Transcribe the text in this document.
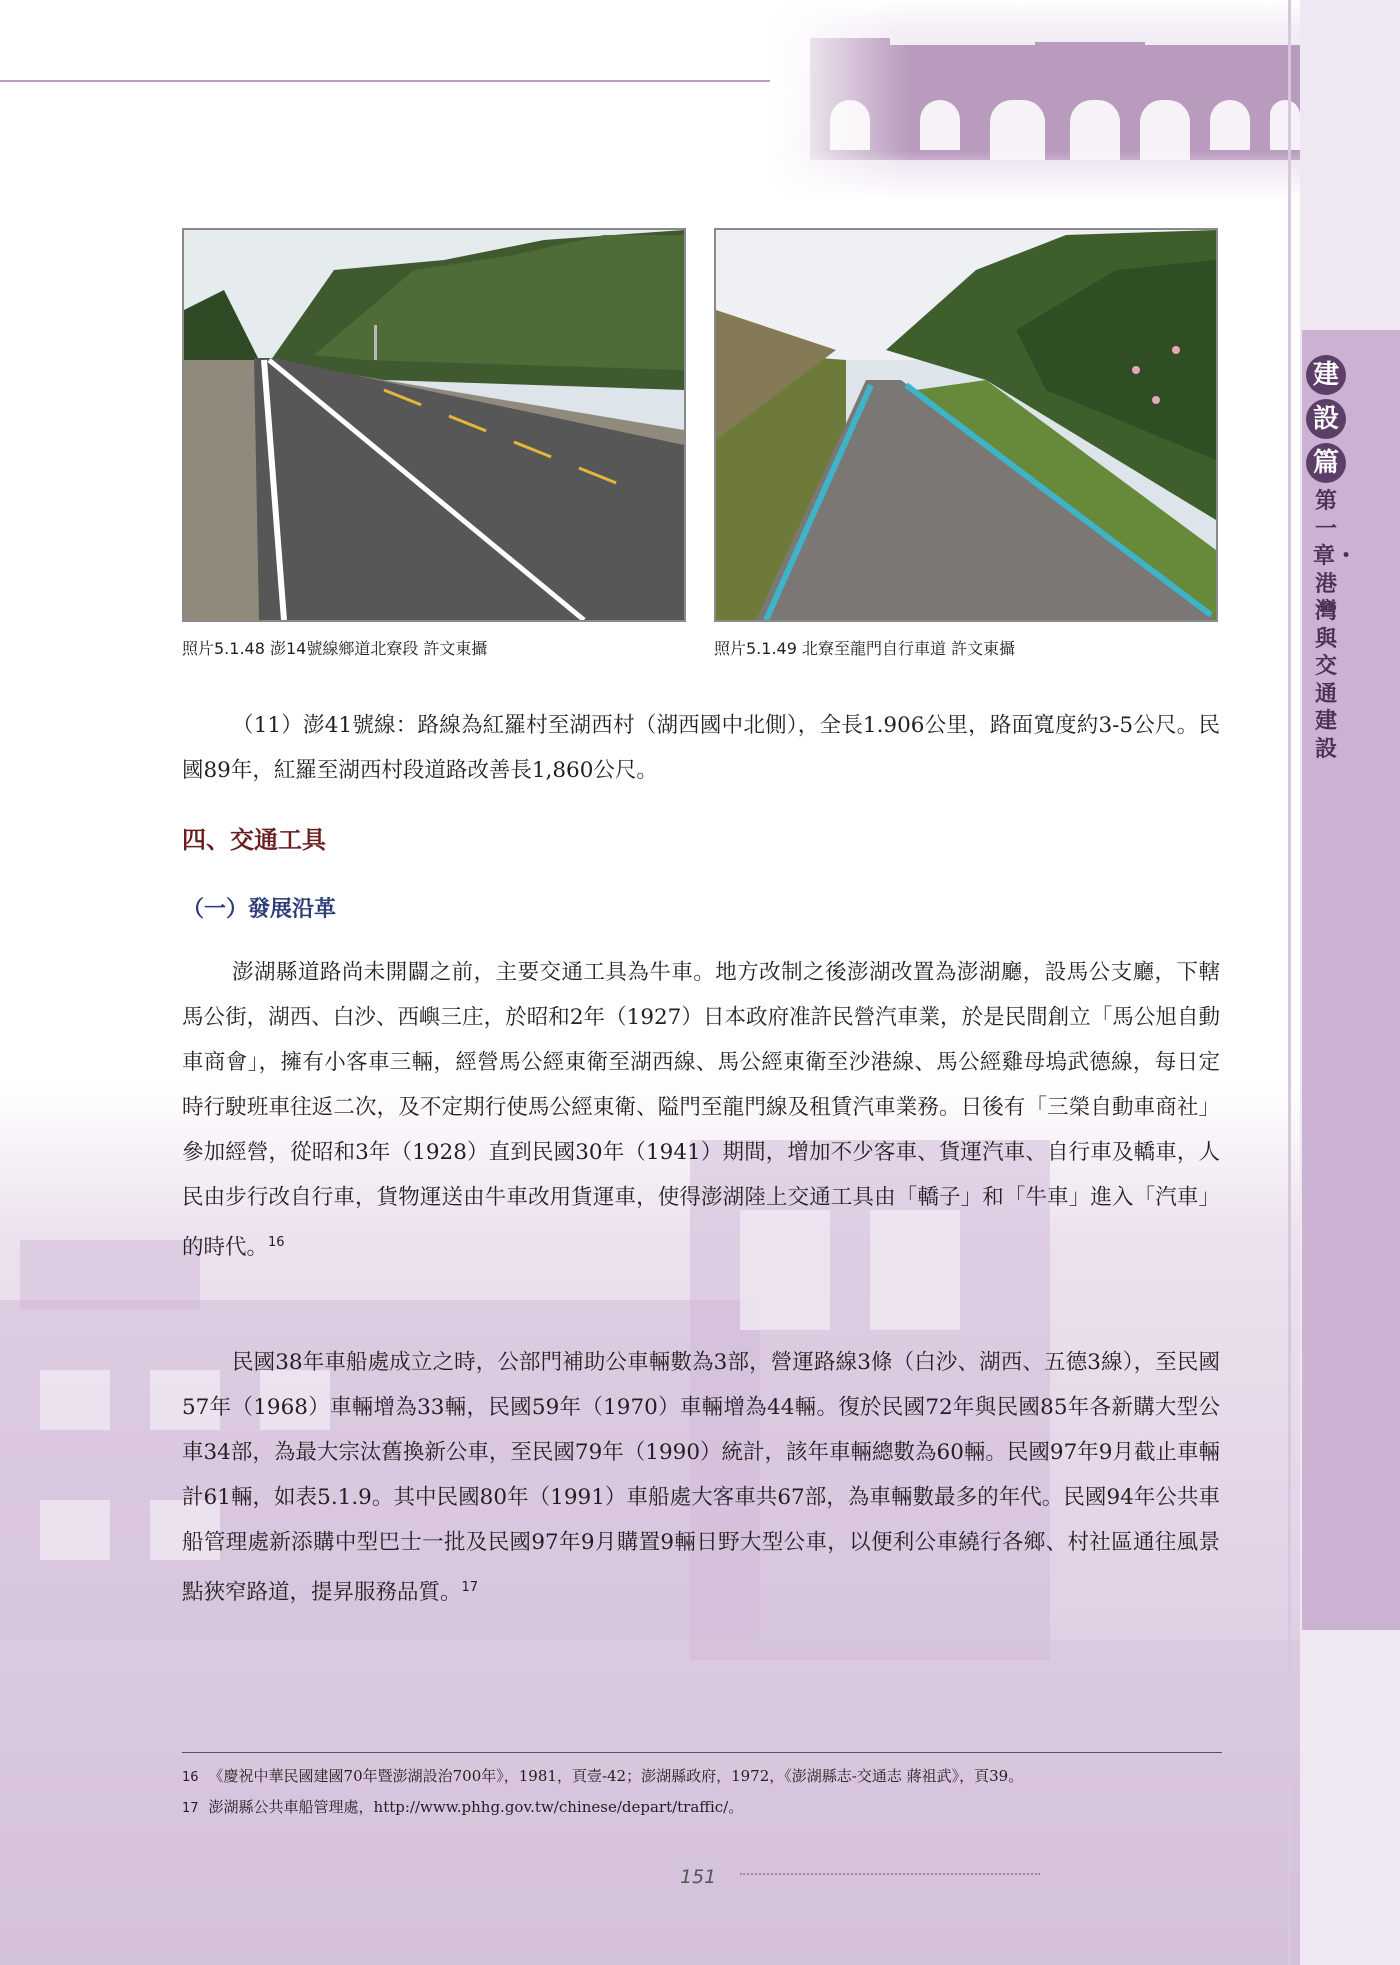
建
設
篇
第一章・港灣與交通建設
照片5.1.48 澎14號線鄉道北寮段 許文東攝	照片5.1.49 北寮至龍門自行車道 許文東攝

（11）澎41號線：路線為紅羅村至湖西村（湖西國中北側），全長1.906公里，路面寬度約3-5公尺。民國89年，紅羅至湖西村段道路改善長1,860公尺。

四、交通工具
（一）發展沿革

澎湖縣道路尚未開闢之前，主要交通工具為牛車。地方改制之後澎湖改置為澎湖廳，設馬公支廳，下轄馬公街，湖西、白沙、西嶼三庄，於昭和2年（1927）日本政府准許民營汽車業，於是民間創立「馬公旭自動車商會」，擁有小客車三輛，經營馬公經東衛至湖西線、馬公經東衛至沙港線、馬公經雞母塢武德線，每日定時行駛班車往返二次，及不定期行使馬公經東衛、隘門至龍門線及租賃汽車業務。日後有「三榮自動車商社」參加經營，從昭和3年（1928）直到民國30年（1941）期間，增加不少客車、貨運汽車、自行車及轎車，人民由步行改自行車，貨物運送由牛車改用貨運車，使得澎湖陸上交通工具由「轎子」和「牛車」進入「汽車」的時代。$^{16}$

民國38年車船處成立之時，公部門補助公車輛數為3部，營運路線3條（白沙、湖西、五德3線），至民國57年（1968）車輛增為33輛，民國59年（1970）車輛增為44輛。復於民國72年與民國85年各新購大型公車34部，為最大宗汰舊換新公車，至民國79年（1990）統計，該年車輛總數為60輛。民國97年9月截止車輛計61輛，如表5.1.9。其中民國80年（1991）車船處大客車共67部，為車輛數最多的年代。民國94年公共車船管理處新添購中型巴士一批及民國97年9月購置9輛日野大型公車，以便利公車繞行各鄉、村社區通往風景點狹窄路道，提昇服務品質。$^{17}$

16 《慶祝中華民國建國70年暨澎湖設治700年》，1981，頁壹-42；澎湖縣政府，1972，《澎湖縣志-交通志 蔣祖武》，頁39。
17 澎湖縣公共車船管理處，http://www.phhg.gov.tw/chinese/depart/traffic/。
151
